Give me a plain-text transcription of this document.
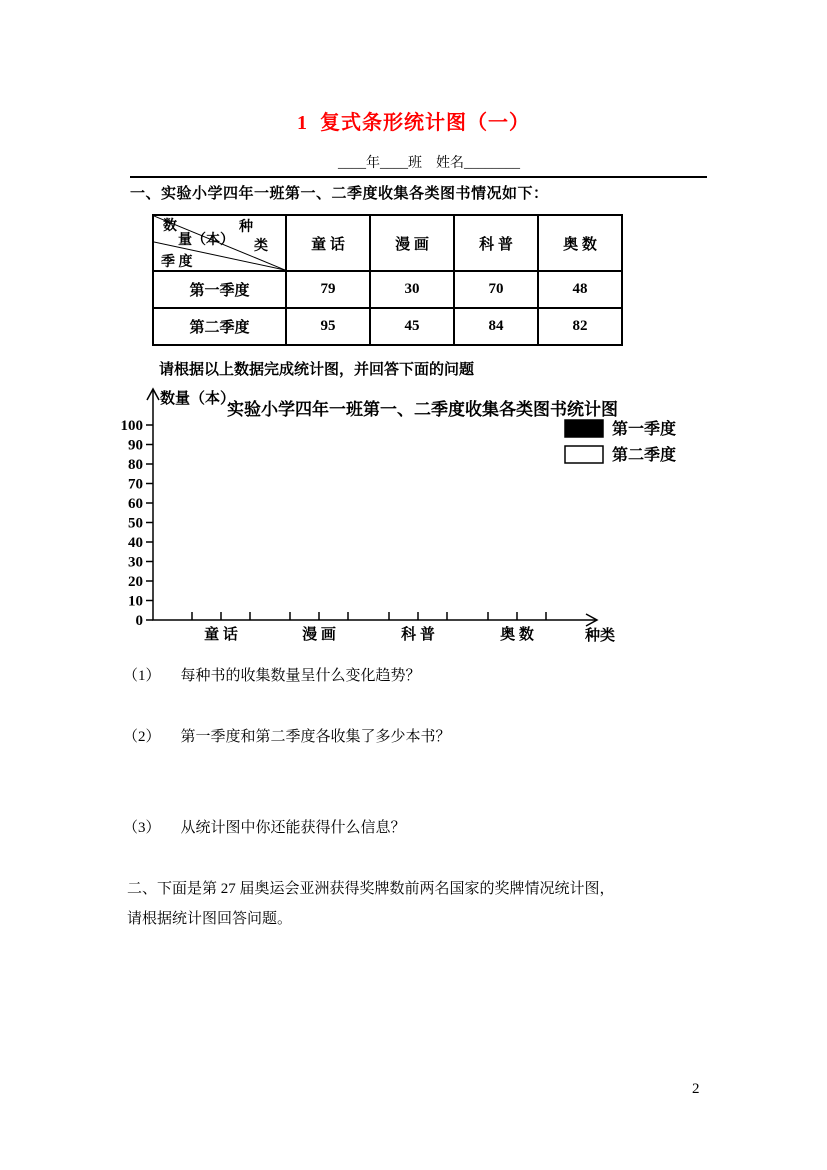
1  复式条形统计图（一）
____年____班　姓名________
一、实验小学四年一班第一、二季度收集各类图书情况如下：
数
量（本）
种
类
季 度	童 话	漫 画	科 普	奥 数
第一季度	79	30	70	48
第二季度	95	45	84	82
请根据以上数据完成统计图，并回答下面的问题
数量（本）
实验小学四年一班第一、二季度收集各类图书统计图
种类
0
10
20
30
40
50
60
70
80
90
100
童 话	漫 画	科 普	奥 数
第一季度
第二季度
（1） 每种书的收集数量呈什么变化趋势？
（2） 第一季度和第二季度各收集了多少本书？
（3） 从统计图中你还能获得什么信息？
二、下面是第 27 届奥运会亚洲获得奖牌数前两名国家的奖牌情况统计图，
请根据统计图回答问题。
2
